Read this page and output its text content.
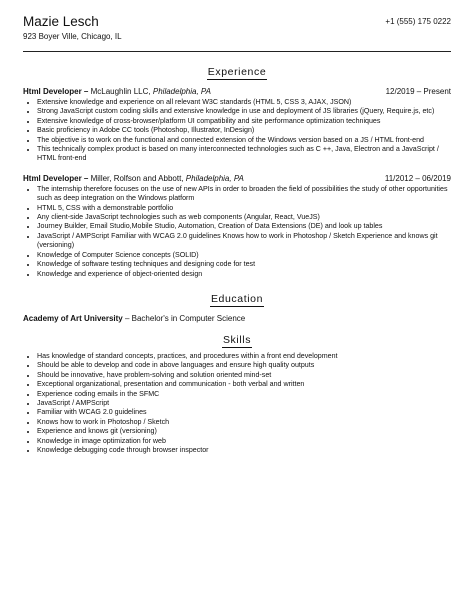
Mazie Lesch	+1 (555) 175 0222
923 Boyer Ville, Chicago, IL
Experience
Html Developer – McLaughlin LLC, Philadelphia, PA	12/2019 – Present
• Extensive knowledge and experience on all relevant W3C standards (HTML 5, CSS 3, AJAX, JSON)
• Strong JavaScript custom coding skills and extensive knowledge in use and deployment of JS libraries (jQuery, Require.js, etc)
• Extensive knowledge of cross-browser/platform UI compatibility and site performance optimization techniques
• Basic proficiency in Adobe CC tools (Photoshop, Illustrator, InDesign)
• The objective is to work on the functional and connected extension of the Windows version based on a JS / HTML front-end
• This technically complex product is based on many interconnected technologies such as C ++, Java, Electron and a JavaScript / HTML front-end
Html Developer – Miller, Rolfson and Abbott, Philadelphia, PA	11/2012 – 06/2019
• The internship therefore focuses on the use of new APIs in order to broaden the field of possibilities the study of other opportunities such as deep integration on the Windows platform
• HTML 5, CSS with a demonstrable portfolio
• Any client-side JavaScript technologies such as web components (Angular, React, VueJS)
• Journey Builder, Email Studio,Mobile Studio, Automation, Creation of Data Extensions (DE) and look up tables
• JavaScript / AMPScript Familiar with WCAG 2.0 guidelines Knows how to work in Photoshop / Sketch Experience and knows git (versioning)
• Knowledge of Computer Science concepts (SOLID)
• Knowledge of software testing techniques and designing code for test
• Knowledge and experience of object-oriented design
Education
Academy of Art University – Bachelor's in Computer Science
Skills
• Has knowledge of standard concepts, practices, and procedures within a front end development
• Should be able to develop and code in above languages and ensure high quality outputs
• Should be innovative, have problem-solving and solution oriented mind-set
• Exceptional organizational, presentation and communication - both verbal and written
• Experience coding emails in the SFMC
• JavaScript / AMPScript
• Familiar with WCAG 2.0 guidelines
• Knows how to work in Photoshop / Sketch
• Experience and knows git (versioning)
• Knowledge in image optimization for web
• Knowledge debugging code through browser inspector
